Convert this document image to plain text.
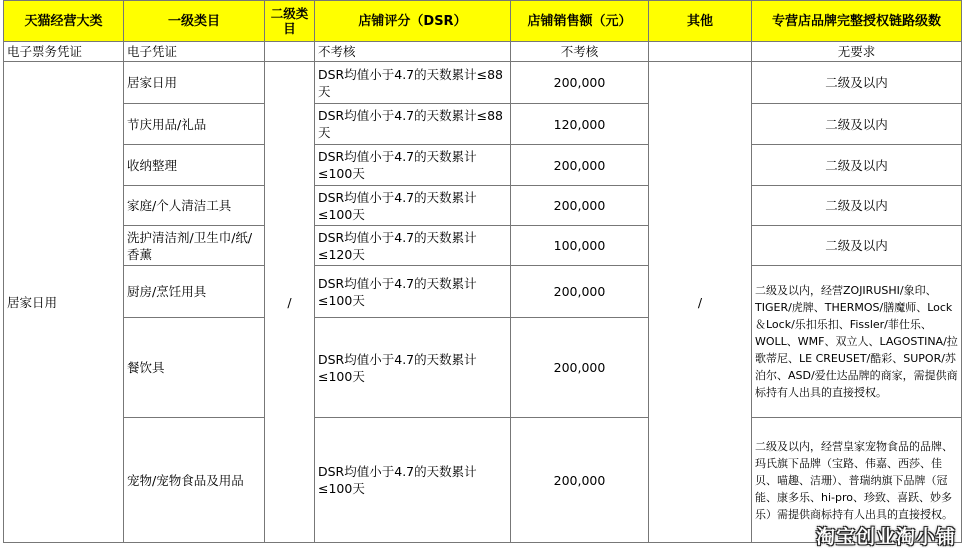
天猫经营大类	一级类目	二级类目	店铺评分（DSR）	店铺销售额（元）	其他	专营店品牌完整授权链路级数
电子票务凭证	电子凭证		不考核	不考核		无要求
居家日用	居家日用	/	DSR均值小于4.7的天数累计≤88天	200,000	/	二级及以内
	节庆用品/礼品		DSR均值小于4.7的天数累计≤88天	120,000		二级及以内
	收纳整理		DSR均值小于4.7的天数累计≤100天	200,000		二级及以内
	家庭/个人清洁工具		DSR均值小于4.7的天数累计≤100天	200,000		二级及以内
	洗护清洁剂/卫生巾/纸/香薰		DSR均值小于4.7的天数累计≤120天	100,000		二级及以内
	厨房/烹饪用具		DSR均值小于4.7的天数累计≤100天	200,000		二级及以内，经营ZOJIRUSHI/象印、TIGER/虎牌、THERMOS/膳魔师、Lock＆Lock/乐扣乐扣、Fissler/菲仕乐、WOLL、WMF、双立人、LAGOSTINA/拉歌蒂尼、LE CREUSET/酷彩、SUPOR/苏泊尔、ASD/爱仕达品牌的商家，需提供商标持有人出具的直接授权。
	餐饮具		DSR均值小于4.7的天数累计≤100天	200,000		
	宠物/宠物食品及用品		DSR均值小于4.7的天数累计≤100天	200,000		二级及以内，经营皇家宠物食品的品牌、玛氏旗下品牌（宝路、伟嘉、西莎、佳贝、喵趣、洁珊）、普瑞纳旗下品牌（冠能、康多乐、hi-pro、珍致、喜跃、妙多乐）需提供商标持有人出具的直接授权。
淘宝创业淘小铺
